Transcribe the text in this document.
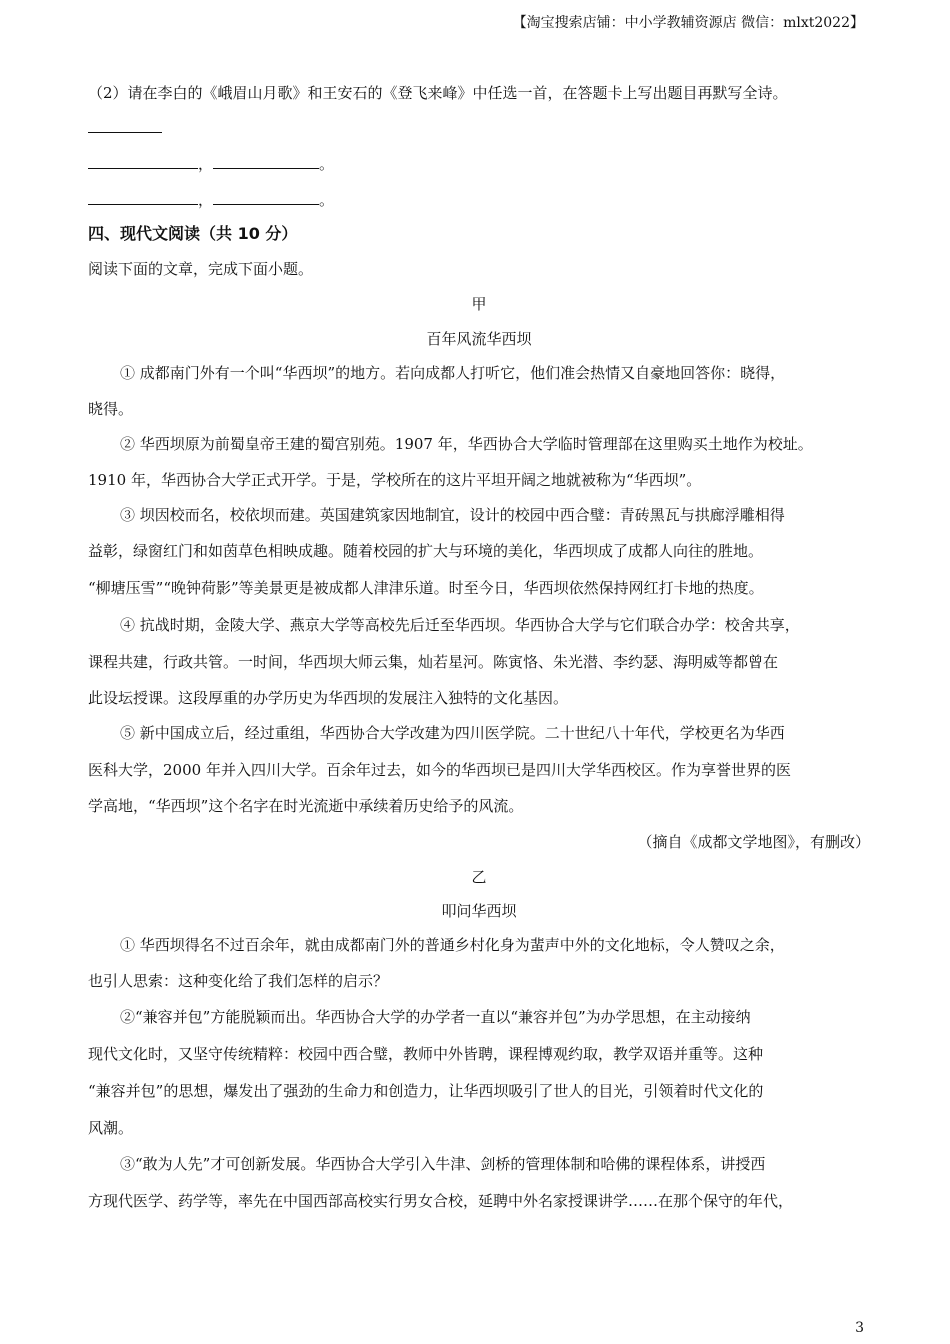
【淘宝搜索店铺：中小学教辅资源店 微信：mlxt2022】
（2）请在李白的《峨眉山月歌》和王安石的《登飞来峰》中任选一首，在答题卡上写出题目再默写全诗。
，	。
，	。
四、现代文阅读（共 10 分）
阅读下面的文章，完成下面小题。
甲
百年风流华西坝
① 成都南门外有一个叫“华西坝”的地方。若向成都人打听它，他们准会热情又自豪地回答你：晓得，
晓得。
② 华西坝原为前蜀皇帝王建的蜀宫别苑。1907 年，华西协合大学临时管理部在这里购买土地作为校址。
1910 年，华西协合大学正式开学。于是，学校所在的这片平坦开阔之地就被称为“华西坝”。
③ 坝因校而名，校依坝而建。英国建筑家因地制宜，设计的校园中西合璧：青砖黑瓦与拱廊浮雕相得
益彰，绿窗红门和如茵草色相映成趣。随着校园的扩大与环境的美化，华西坝成了成都人向往的胜地。
“柳塘压雪”“晚钟荷影”等美景更是被成都人津津乐道。时至今日，华西坝依然保持网红打卡地的热度。
④ 抗战时期，金陵大学、燕京大学等高校先后迁至华西坝。华西协合大学与它们联合办学：校舍共享，
课程共建，行政共管。一时间，华西坝大师云集，灿若星河。陈寅恪、朱光潜、李约瑟、海明威等都曾在
此设坛授课。这段厚重的办学历史为华西坝的发展注入独特的文化基因。
⑤ 新中国成立后，经过重组，华西协合大学改建为四川医学院。二十世纪八十年代，学校更名为华西
医科大学，2000 年并入四川大学。百余年过去，如今的华西坝已是四川大学华西校区。作为享誉世界的医
学高地，“华西坝”这个名字在时光流逝中承续着历史给予的风流。
（摘自《成都文学地图》，有删改）
乙
叩问华西坝
① 华西坝得名不过百余年，就由成都南门外的普通乡村化身为蜚声中外的文化地标，令人赞叹之余，
也引人思索：这种变化给了我们怎样的启示？
②“兼容并包”方能脱颖而出。华西协合大学的办学者一直以“兼容并包”为办学思想，在主动接纳
现代文化时，又坚守传统精粹：校园中西合璧，教师中外皆聘，课程博观约取，教学双语并重等。这种
“兼容并包”的思想，爆发出了强劲的生命力和创造力，让华西坝吸引了世人的目光，引领着时代文化的
风潮。
③“敢为人先”才可创新发展。华西协合大学引入牛津、剑桥的管理体制和哈佛的课程体系，讲授西
方现代医学、药学等，率先在中国西部高校实行男女合校，延聘中外名家授课讲学……在那个保守的年代，
3
